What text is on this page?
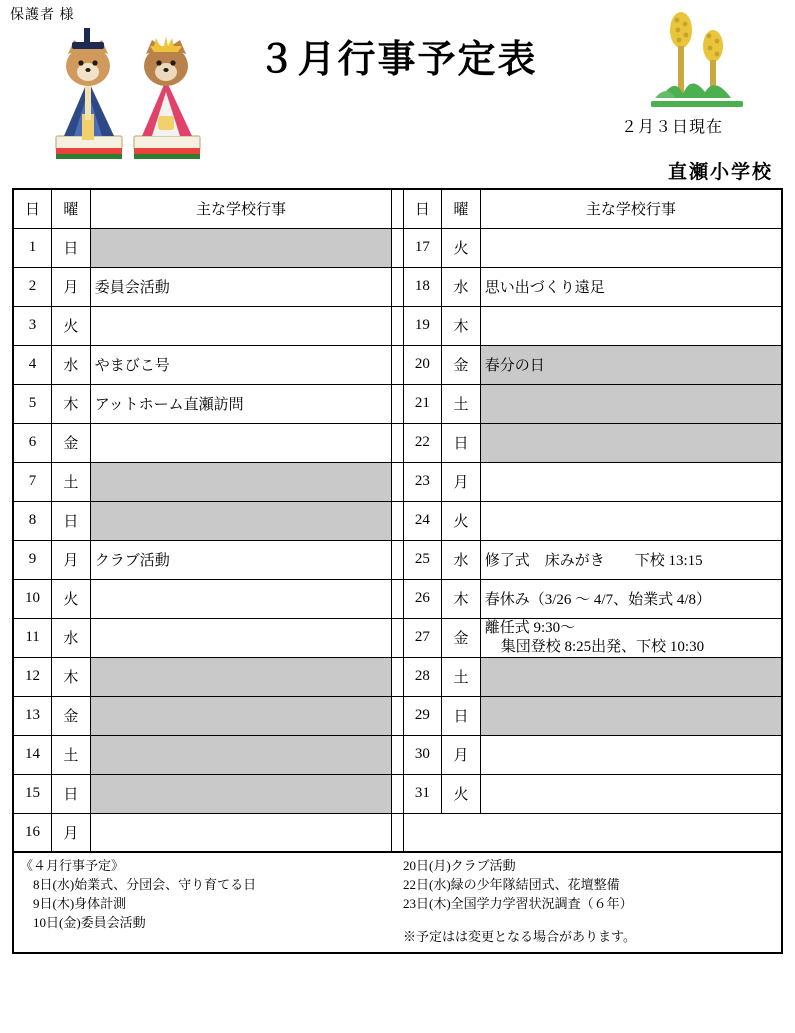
保護者 様
３月行事予定表
２月３日現在
直瀬小学校
日	曜	主な学校行事		日	曜	主な学校行事
1	日			17	火	
2	月	委員会活動		18	水	思い出づくり遠足
3	火			19	木	
4	水	やまびこ号		20	金	春分の日
5	木	アットホーム直瀬訪問		21	土	
6	金			22	日	
7	土			23	月	
8	日			24	火	
9	月	クラブ活動		25	水	修了式　床みがき　　下校 13:15
10	火			26	木	春休み（3/26 ～ 4/7、始業式 4/8）
11	水			27	金	離任式 9:30～
集団登校 8:25出発、下校 10:30

12	木			28	土	
13	金			29	日	
14	土			30	月	
15	日			31	火	
16	月					
《４月行事予定》
　8日(水)始業式、分団会、守り育てる日
　9日(木)身体計測
　10日(金)委員会活動
20日(月)クラブ活動
22日(水)緑の少年隊結団式、花壇整備
23日(木)全国学力学習状況調査（６年）
※予定はは変更となる場合があります。
